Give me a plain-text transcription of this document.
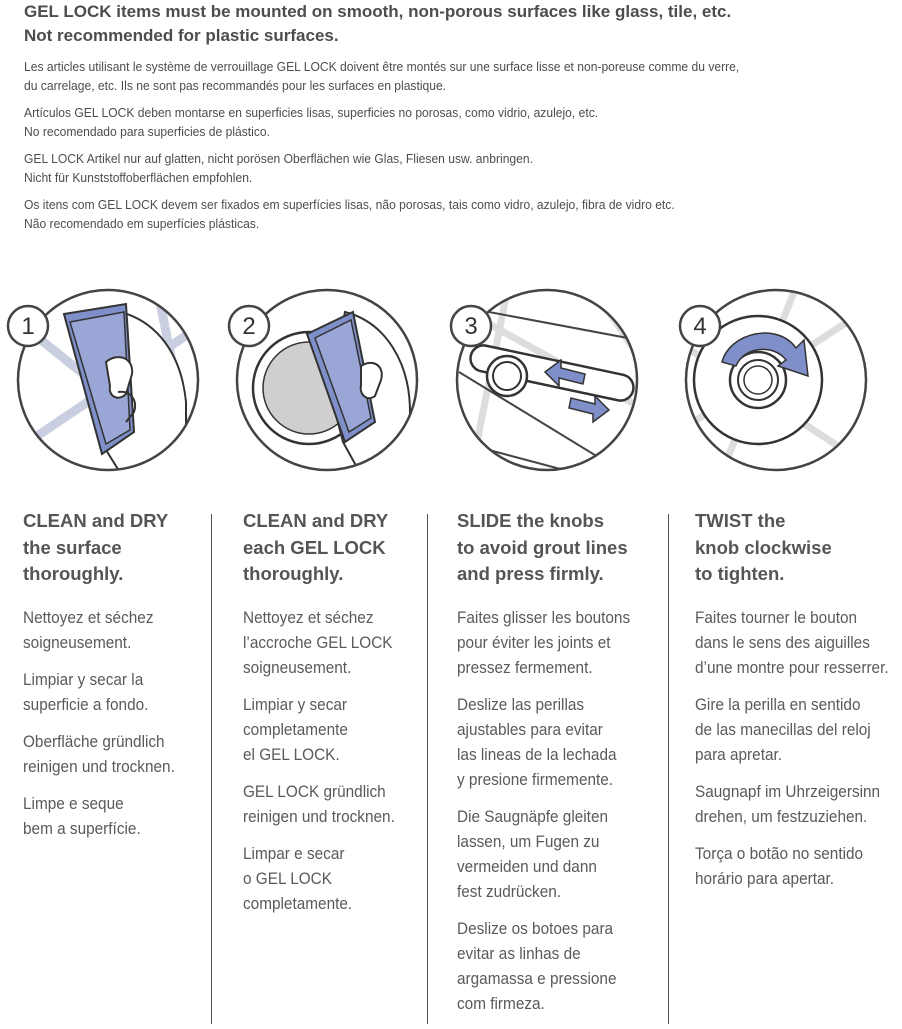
GEL LOCK items must be mounted on smooth, non-porous surfaces like glass, tile, etc.
Not recommended for plastic surfaces.
Les articles utilisant le système de verrouillage GEL LOCK doivent être montés sur une surface lisse et non-poreuse comme du verre,
du carrelage, etc. Ils ne sont pas recommandés pour les surfaces en plastique.
Artículos GEL LOCK deben montarse en superficies lisas, superficies no porosas, como vidrio, azulejo, etc.
No recomendado para superficies de plástico.
GEL LOCK Artikel nur auf glatten, nicht porösen Oberflächen wie Glas, Fliesen usw. anbringen.
Nicht für Kunststoffoberflächen empfohlen.
Os itens com GEL LOCK devem ser fixados em superfícies lisas, não porosas, tais como vidro, azulejo, fibra de vidro etc.
Não recomendado em superfícies plásticas.
1	2	3	4
CLEAN and DRY
the surface
thoroughly.
Nettoyez et séchez
soigneusement.
Limpiar y secar la
superficie a fondo.
Oberfläche gründlich
reinigen und trocknen.
Limpe e seque
bem a superfície.
CLEAN and DRY
each GEL LOCK
thoroughly.
Nettoyez et séchez
l’accroche GEL LOCK
soigneusement.
Limpiar y secar
completamente
el GEL LOCK.
GEL LOCK gründlich
reinigen und trocknen.
Limpar e secar
o GEL LOCK
completamente.
SLIDE the knobs
to avoid grout lines
and press firmly.
Faites glisser les boutons
pour éviter les joints et
pressez fermement.
Deslize las perillas
ajustables para evitar
las lineas de la lechada
y presione firmemente.
Die Saugnäpfe gleiten
lassen, um Fugen zu
vermeiden und dann
fest zudrücken.
Deslize os botoes para
evitar as linhas de
argamassa e pressione
com firmeza.
TWIST the
knob clockwise
to tighten.
Faites tourner le bouton
dans le sens des aiguilles
d’une montre pour resserrer.
Gire la perilla en sentido
de las manecillas del reloj
para apretar.
Saugnapf im Uhrzeigersinn
drehen, um festzuziehen.
Torça o botão no sentido
horário para apertar.
